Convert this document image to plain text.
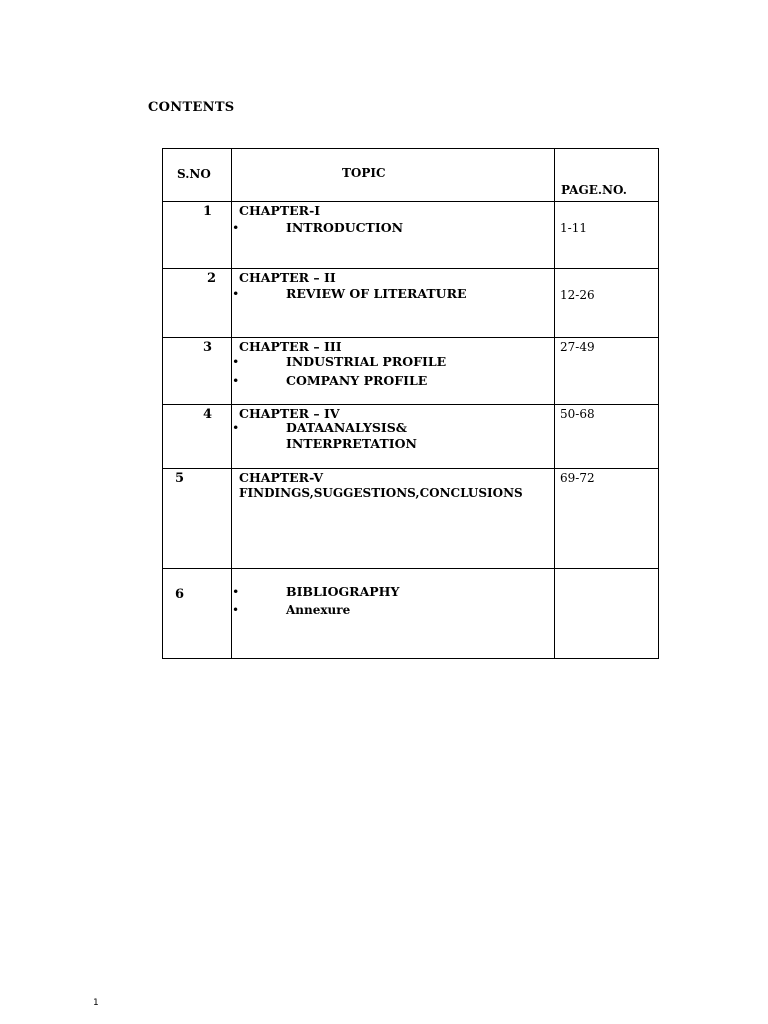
CONTENTS
S.NO	TOPIC	PAGE.NO.

1	CHAPTER-I
• INTRODUCTION	1-11

2	CHAPTER – II
• REVIEW OF LITERATURE	12-26

3	CHAPTER – III
• INDUSTRIAL PROFILE
• COMPANY PROFILE	27-49

4	CHAPTER – IV
• DATAANALYSIS&
INTERPRETATION	50-68

5	CHAPTER-V
FINDINGS,SUGGESTIONS,CONCLUSIONS	69-72

6	• BIBLIOGRAPHY
• Annexure	

1
